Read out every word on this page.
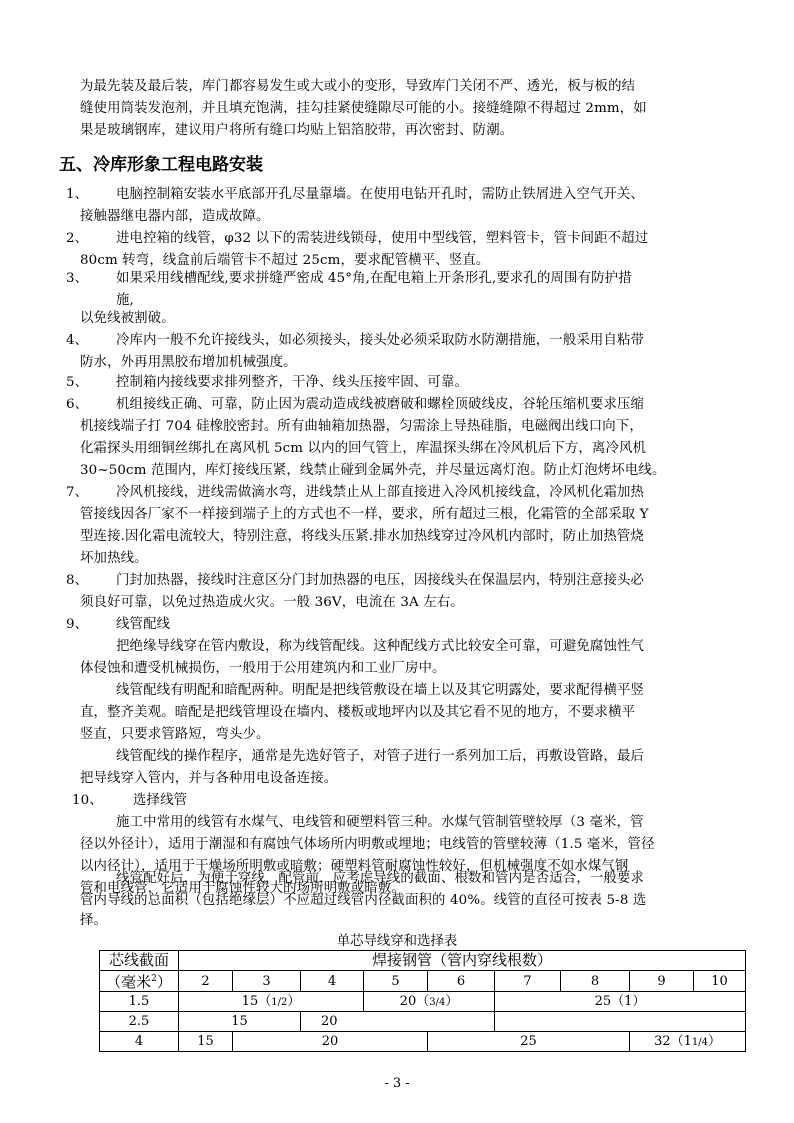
为最先装及最后装，库门都容易发生或大或小的变形，导致库门关闭不严、透光，板与板的结

缝使用筒装发泡剂，并且填充饱满，挂勾挂紧使缝隙尽可能的小。接缝缝隙不得超过 2mm，如

果是玻璃钢库，建议用户将所有缝口均贴上铝箔胶带，再次密封、防潮。

五、冷库形象工程电路安装

1、 电脑控制箱安装水平底部开孔尽量靠墙。在使用电钻开孔时，需防止铁屑进入空气开关、

接触器继电器内部，造成故障。

2、 进电控箱的线管，φ32 以下的需装进线锁母，使用中型线管，塑料管卡，管卡间距不超过

80cm 转弯，线盒前后端管卡不超过 25cm，要求配管横平、竖直。

3、 如果采用线槽配线,要求拼缝严密成 45°角,在配电箱上开条形孔,要求孔的周围有防护措

施,

以免线被割破。

4、 冷库内一般不允许接线头，如必须接头，接头处必须采取防水防潮措施，一般采用自粘带

防水，外再用黑胶布增加机械强度。

5、 控制箱内接线要求排列整齐，干净、线头压接牢固、可靠。

6、 机组接线正确、可靠，防止因为震动造成线被磨破和螺栓顶破线皮，谷轮压缩机要求压缩

机接线端子打 704 硅橡胶密封。所有曲轴箱加热器，匀需涂上导热硅脂，电磁阀出线口向下，

化霜探头用细铜丝绑扎在离风机 5cm 以内的回气管上，库温探头绑在冷风机后下方，离冷风机

30~50cm 范围内，库灯接线压紧，线禁止碰到金属外壳，并尽量远离灯泡。防止灯泡烤坏电线。

7、 冷风机接线，进线需做滴水弯，进线禁止从上部直接进入冷风机接线盒，冷风机化霜加热

管接线因各厂家不一样接到端子上的方式也不一样，要求，所有超过三根，化霜管的全部采取 Y

型连接.因化霜电流较大，特别注意，将线头压紧.排水加热线穿过冷风机内部时，防止加热管烧

坏加热线。

8、 门封加热器，接线时注意区分门封加热器的电压，因接线头在保温层内，特别注意接头必

须良好可靠，以免过热造成火灾。一般 36V，电流在 3A 左右。

9、 线管配线

把绝缘导线穿在管内敷设，称为线管配线。这种配线方式比较安全可靠，可避免腐蚀性气

体侵蚀和遭受机械损伤，一般用于公用建筑内和工业厂房中。

线管配线有明配和暗配两种。明配是把线管敷设在墙上以及其它明露处，要求配得横平竖

直，整齐美观。暗配是把线管埋设在墙内、楼板或地坪内以及其它看不见的地方，不要求横平

竖直，只要求管路短，弯头少。

线管配线的操作程序，通常是先选好管子，对管子进行一系列加工后，再敷设管路，最后

把导线穿入管内，并与各种用电设备连接。

10、 选择线管

施工中常用的线管有水煤气、电线管和硬塑料管三种。水煤气管制管壁较厚（3 毫米，管

径以外径计），适用于潮湿和有腐蚀气体场所内明敷或埋地；电线管的管壁较薄（1.5 毫米，管径

以内径计），适用于干燥场所明敷或暗敷；硬塑料管耐腐蚀性较好，但机械强度不如水煤气钢

管和电线管，它适用于腐蚀性较大的场所明敷或暗敷。

线管配好后，为便于穿线，配管前，应考虑导线的截面、根数和管内是否适合，一般要求

管内导线的总面积（包括绝缘层）不应超过线管内径截面积的 40%。线管的直径可按表 5-8 选

择。

单芯导线穿和选择表

芯线截面	焊接钢管（管内穿线根数）								
（毫米$^2$）	2	3	4	5	6	7	8	9	10
1.5	15（1/2）			20（3/4）		25（1）			
2.5	15		20						
4	15	20			25			32（11/4）	

- 3 -
